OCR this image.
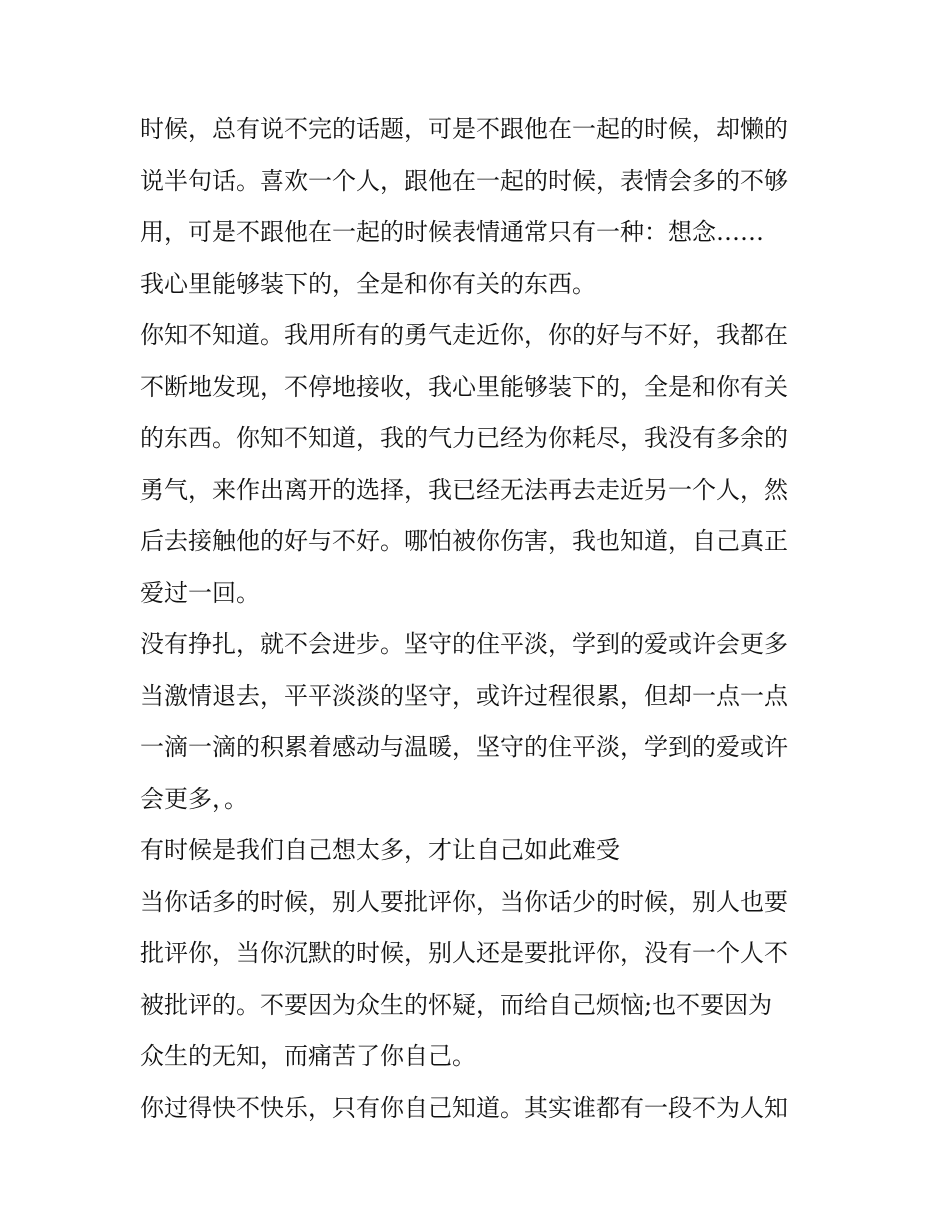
时候，总有说不完的话题，可是不跟他在一起的时候，却懒的
说半句话。喜欢一个人，跟他在一起的时候，表情会多的不够
用，可是不跟他在一起的时候表情通常只有一种：想念……
我心里能够装下的，全是和你有关的东西。
你知不知道。我用所有的勇气走近你，你的好与不好，我都在
不断地发现，不停地接收，我心里能够装下的，全是和你有关
的东西。你知不知道，我的气力已经为你耗尽，我没有多余的
勇气，来作出离开的选择，我已经无法再去走近另一个人，然
后去接触他的好与不好。哪怕被你伤害，我也知道，自己真正
爱过一回。
没有挣扎，就不会进步。坚守的住平淡，学到的爱或许会更多
当激情退去，平平淡淡的坚守，或许过程很累，但却一点一点
一滴一滴的积累着感动与温暖，坚守的住平淡，学到的爱或许
会更多，。
有时候是我们自己想太多，才让自己如此难受
当你话多的时候，别人要批评你，当你话少的时候，别人也要
批评你，当你沉默的时候，别人还是要批评你，没有一个人不
被批评的。不要因为众生的怀疑，而给自己烦恼;也不要因为
众生的无知，而痛苦了你自己。
你过得快不快乐，只有你自己知道。其实谁都有一段不为人知
